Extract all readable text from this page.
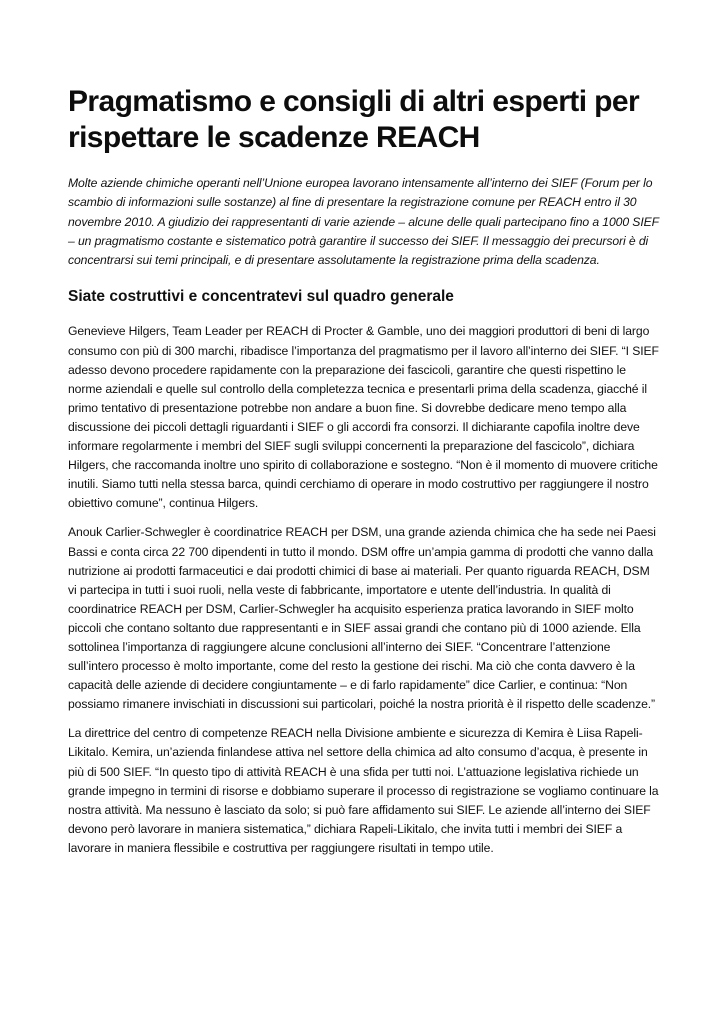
Pragmatismo e consigli di altri esperti per rispettare le scadenze REACH

Molte aziende chimiche operanti nell’Unione europea lavorano intensamente all’interno dei SIEF (Forum per lo scambio di informazioni sulle sostanze) al fine di presentare la registrazione comune per REACH entro il 30 novembre 2010. A giudizio dei rappresentanti di varie aziende – alcune delle quali partecipano fino a 1000 SIEF – un pragmatismo costante e sistematico potrà garantire il successo dei SIEF. Il messaggio dei precursori è di concentrarsi sui temi principali, e di presentare assolutamente la registrazione prima della scadenza.

Siate costruttivi e concentratevi sul quadro generale

Genevieve Hilgers, Team Leader per REACH di Procter & Gamble, uno dei maggiori produttori di beni di largo consumo con più di 300 marchi, ribadisce l’importanza del pragmatismo per il lavoro all’interno dei SIEF. “I SIEF adesso devono procedere rapidamente con la preparazione dei fascicoli, garantire che questi rispettino le norme aziendali e quelle sul controllo della completezza tecnica e presentarli prima della scadenza, giacché il primo tentativo di presentazione potrebbe non andare a buon fine. Si dovrebbe dedicare meno tempo alla discussione dei piccoli dettagli riguardanti i SIEF o gli accordi fra consorzi. Il dichiarante capofila inoltre deve informare regolarmente i membri del SIEF sugli sviluppi concernenti la preparazione del fascicolo”, dichiara Hilgers, che raccomanda inoltre uno spirito di collaborazione e sostegno. “Non è il momento di muovere critiche inutili. Siamo tutti nella stessa barca, quindi cerchiamo di operare in modo costruttivo per raggiungere il nostro obiettivo comune”, continua Hilgers.

Anouk Carlier-Schwegler è coordinatrice REACH per DSM, una grande azienda chimica che ha sede nei Paesi Bassi e conta circa 22 700 dipendenti in tutto il mondo. DSM offre un’ampia gamma di prodotti che vanno dalla nutrizione ai prodotti farmaceutici e dai prodotti chimici di base ai materiali. Per quanto riguarda REACH, DSM vi partecipa in tutti i suoi ruoli, nella veste di fabbricante, importatore e utente dell’industria. In qualità di coordinatrice REACH per DSM, Carlier-Schwegler ha acquisito esperienza pratica lavorando in SIEF molto piccoli che contano soltanto due rappresentanti e in SIEF assai grandi che contano più di 1000 aziende. Ella sottolinea l’importanza di raggiungere alcune conclusioni all’interno dei SIEF. “Concentrare l’attenzione sull’intero processo è molto importante, come del resto la gestione dei rischi. Ma ciò che conta davvero è la capacità delle aziende di decidere congiuntamente – e di farlo rapidamente” dice Carlier, e continua: “Non possiamo rimanere invischiati in discussioni sui particolari, poiché la nostra priorità è il rispetto delle scadenze.”

La direttrice del centro di competenze REACH nella Divisione ambiente e sicurezza di Kemira è Liisa Rapeli-Likitalo. Kemira, un’azienda finlandese attiva nel settore della chimica ad alto consumo d’acqua, è presente in più di 500 SIEF. “In questo tipo di attività REACH è una sfida per tutti noi. L’attuazione legislativa richiede un grande impegno in termini di risorse e dobbiamo superare il processo di registrazione se vogliamo continuare la nostra attività. Ma nessuno è lasciato da solo; si può fare affidamento sui SIEF. Le aziende all’interno dei SIEF devono però lavorare in maniera sistematica,” dichiara Rapeli-Likitalo, che invita tutti i membri dei SIEF a lavorare in maniera flessibile e costruttiva per raggiungere risultati in tempo utile.
